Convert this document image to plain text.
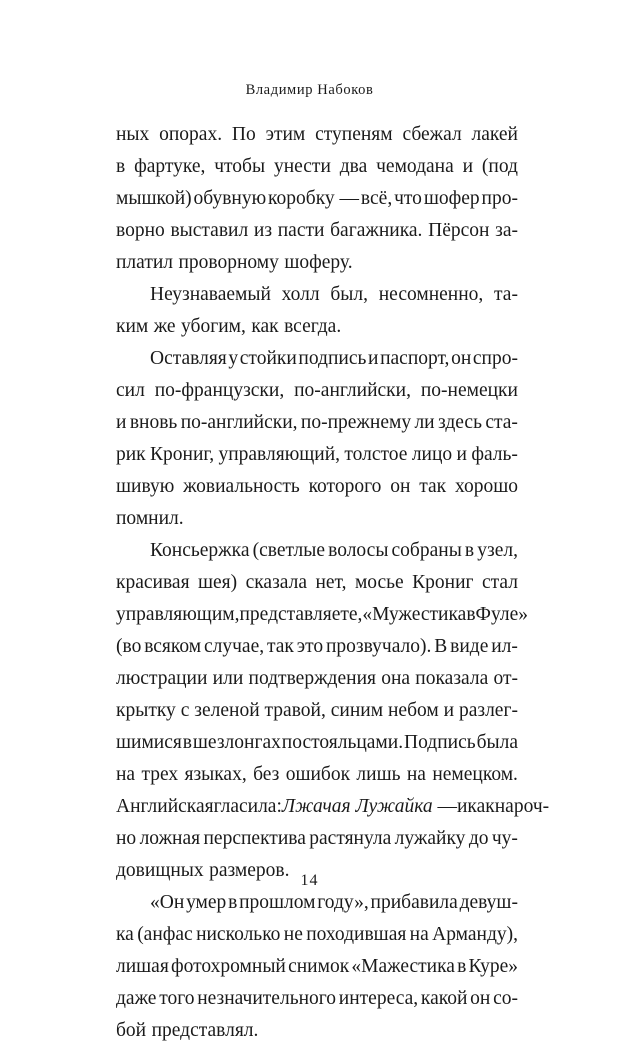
Владимир Набоков
ных опорах. По этим ступеням сбежал лакей
в фартуке, чтобы унести два чемодана и (под
мышкой) обувную коробку — всё, что шофер про-
ворно выставил из пасти багажника. Пёрсон за-
платил проворному шоферу.
Неузнаваемый холл был, несомненно, та-
ким же убогим, как всегда.
Оставляя у стойки подпись и паспорт, он спро-
сил по-французски, по-английски, по-немецки
и вновь по-английски, по-прежнему ли здесь ста-
рик Крониг, управляющий, толстое лицо и фаль-
шивую жовиальность которого он так хорошо
помнил.
Консьержка (светлые волосы собраны в узел,
красивая шея) сказала нет, мосье Крониг стал
управляющим, представляете, «Мужестика в Фуле»
(во всяком случае, так это прозвучало). В виде ил-
люстрации или подтверждения она показала от-
крытку с зеленой травой, синим небом и разлег-
шимися в шезлонгах постояльцами. Подпись была
на трех языках, без ошибок лишь на немецком.
Английская гласила: Лжачая Лужайка — и как нароч-
но ложная перспектива растянула лужайку до чу-
довищных размеров.
«Он умер в прошлом году», прибавила девуш-
ка (анфас нисколько не походившая на Арманду),
лишая фотохромный снимок «Мажестика в Куре»
даже того незначительного интереса, какой он со-
бой представлял.
14
